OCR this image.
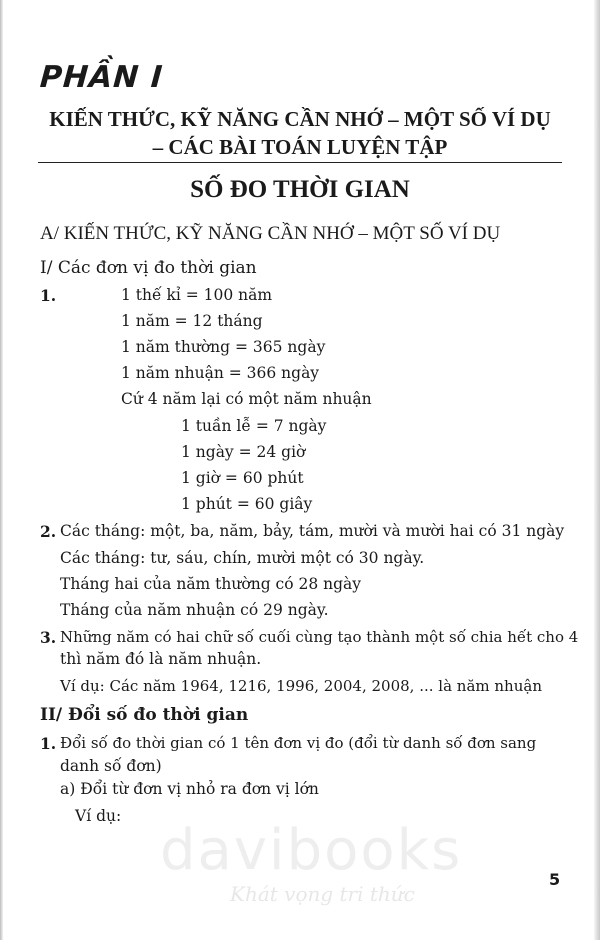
PHẦN I
KIẾN THỨC, KỸ NĂNG CẦN NHỚ – MỘT SỐ VÍ DỤ
– CÁC BÀI TOÁN LUYỆN TẬP
SỐ ĐO THỜI GIAN
A/ KIẾN THỨC, KỸ NĂNG CẦN NHỚ – MỘT SỐ VÍ DỤ
I/ Các đơn vị đo thời gian
1.	1 thế kỉ = 100 năm
1 năm = 12 tháng
1 năm thường = 365 ngày
1 năm nhuận = 366 ngày
Cứ 4 năm lại có một năm nhuận
1 tuần lễ = 7 ngày
1 ngày = 24 giờ
1 giờ = 60 phút
1 phút = 60 giây
2. Các tháng: một, ba, năm, bảy, tám, mười và mười hai có 31 ngày
Các tháng: tư, sáu, chín, mười một có 30 ngày.
Tháng hai của năm thường có 28 ngày
Tháng của năm nhuận có 29 ngày.
3. Những năm có hai chữ số cuối cùng tạo thành một số chia hết cho 4
thì năm đó là năm nhuận.
Ví dụ: Các năm 1964, 1216, 1996, 2004, 2008, ... là năm nhuận
II/ Đổi số đo thời gian
1. Đổi số đo thời gian có 1 tên đơn vị đo (đổi từ danh số đơn sang
danh số đơn)
a) Đổi từ đơn vị nhỏ ra đơn vị lớn
Ví dụ:
davibooks
Khát vọng tri thức
5
